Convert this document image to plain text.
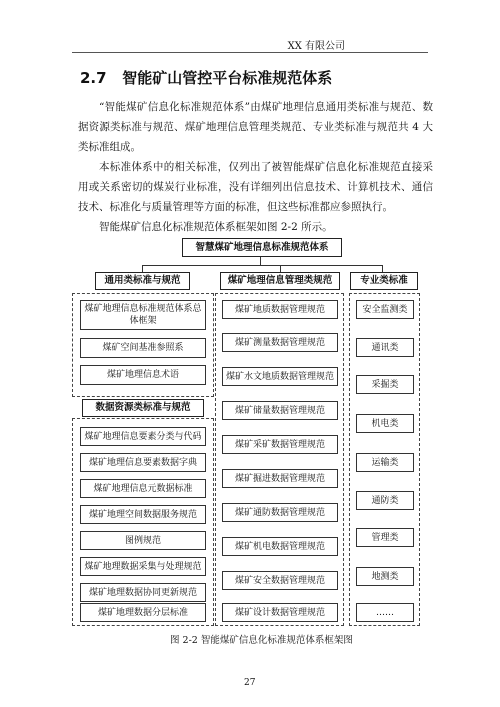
XX 有限公司
2.7 智能矿山管控平台标准规范体系
“智能煤矿信息化标准规范体系”由煤矿地理信息通用类标准与规范、数据资源类标准与规范、煤矿地理信息管理类规范、专业类标准与规范共 4 大类标准组成。
本标准体系中的相关标准，仅列出了被智能煤矿信息化标准规范直接采用或关系密切的煤炭行业标准，没有详细列出信息技术、计算机技术、通信技术、标准化与质量管理等方面的标准，但这些标准都应参照执行。
智能煤矿信息化标准规范体系框架如图 2-2 所示。
智慧煤矿地理信息标准规范体系
通用类标准与规范	煤矿地理信息管理类规范	专业类标准
煤矿地理信息标准规范体系总体框架
煤矿空间基准参照系
煤矿地理信息术语
数据资源类标准与规范
煤矿地理信息要素分类与代码
煤矿地理信息要素数据字典
煤矿地理信息元数据标准
煤矿地理空间数据服务规范
图例规范
煤矿地理数据采集与处理规范
煤矿地理数据协同更新规范
煤矿地理数据分层标准
煤矿地质数据管理规范
煤矿测量数据管理规范
煤矿水文地质数据管理规范
煤矿储量数据管理规范
煤矿采矿数据管理规范
煤矿掘进数据管理规范
煤矿通防数据管理规范
煤矿机电数据管理规范
煤矿安全数据管理规范
煤矿设计数据管理规范
安全监测类
通讯类
采掘类
机电类
运输类
通防类
管理类
地测类
……
图 2-2 智能煤矿信息化标准规范体系框架图
27
